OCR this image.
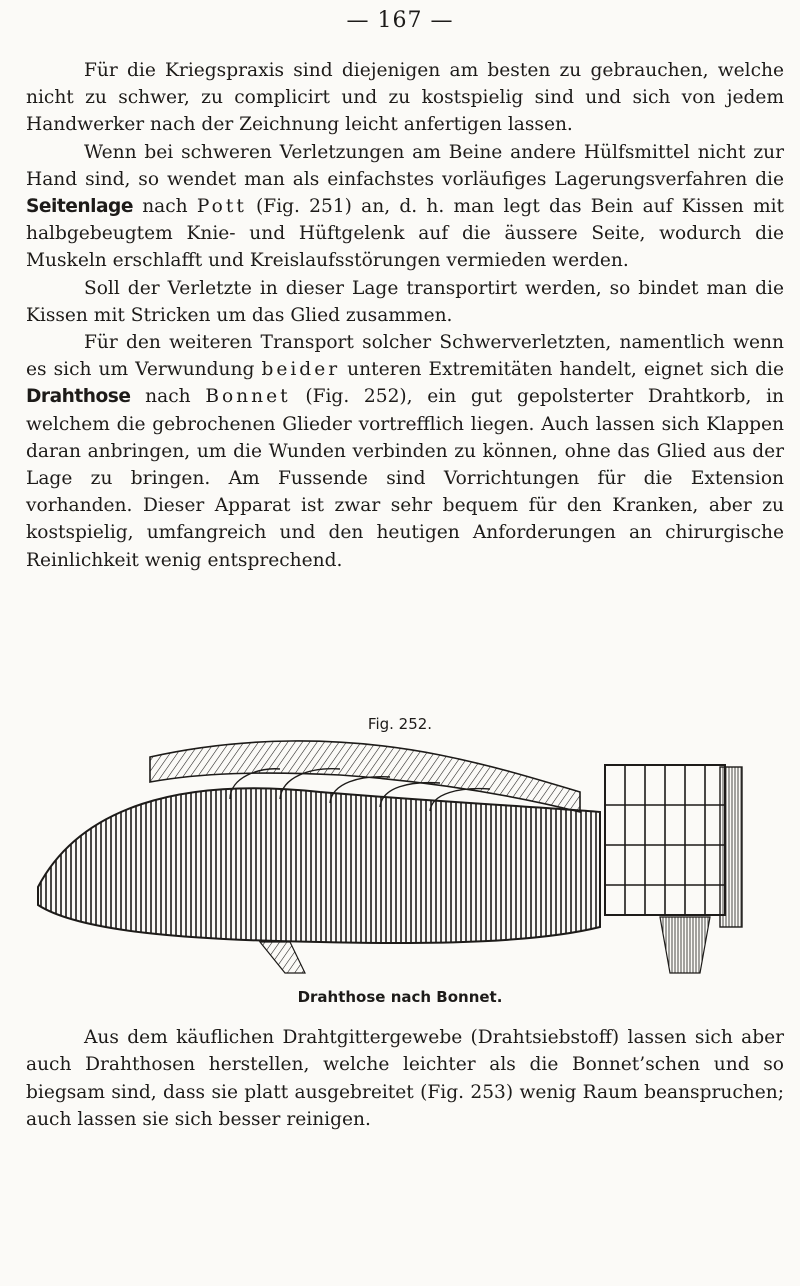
— 167 —

Für die Kriegspraxis sind diejenigen am besten zu gebrauchen, welche nicht zu schwer, zu complicirt und zu kostspielig sind und sich von jedem Handwerker nach der Zeichnung leicht anfertigen lassen.

Wenn bei schweren Verletzungen am Beine andere Hülfsmittel nicht zur Hand sind, so wendet man als einfachstes vorläufiges Lagerungsverfahren die Seitenlage nach Pott (Fig. 251) an, d. h. man legt das Bein auf Kissen mit halbgebeugtem Knie- und Hüftgelenk auf die äussere Seite, wodurch die Muskeln erschlafft und Kreislaufsstörungen vermieden werden.

Soll der Verletzte in dieser Lage transportirt werden, so bindet man die Kissen mit Stricken um das Glied zusammen.

Für den weiteren Transport solcher Schwerverletzten, namentlich wenn es sich um Verwundung beider unteren Extremitäten handelt, eignet sich die Drahthose nach Bonnet (Fig. 252), ein gut gepolsterter Drahtkorb, in welchem die gebrochenen Glieder vortrefflich liegen. Auch lassen sich Klappen daran anbringen, um die Wunden verbinden zu können, ohne das Glied aus der Lage zu bringen. Am Fussende sind Vorrichtungen für die Extension vorhanden. Dieser Apparat ist zwar sehr bequem für den Kranken, aber zu kostspielig, umfangreich und den heutigen Anforderungen an chirurgische Reinlichkeit wenig entsprechend.

Fig. 252.
Drahthose nach Bonnet.

Aus dem käuflichen Drahtgittergewebe (Drahtsiebstoff) lassen sich aber auch Drahthosen herstellen, welche leichter als die Bonnet’schen und so biegsam sind, dass sie platt ausgebreitet (Fig. 253) wenig Raum beanspruchen; auch lassen sie sich besser reinigen.
